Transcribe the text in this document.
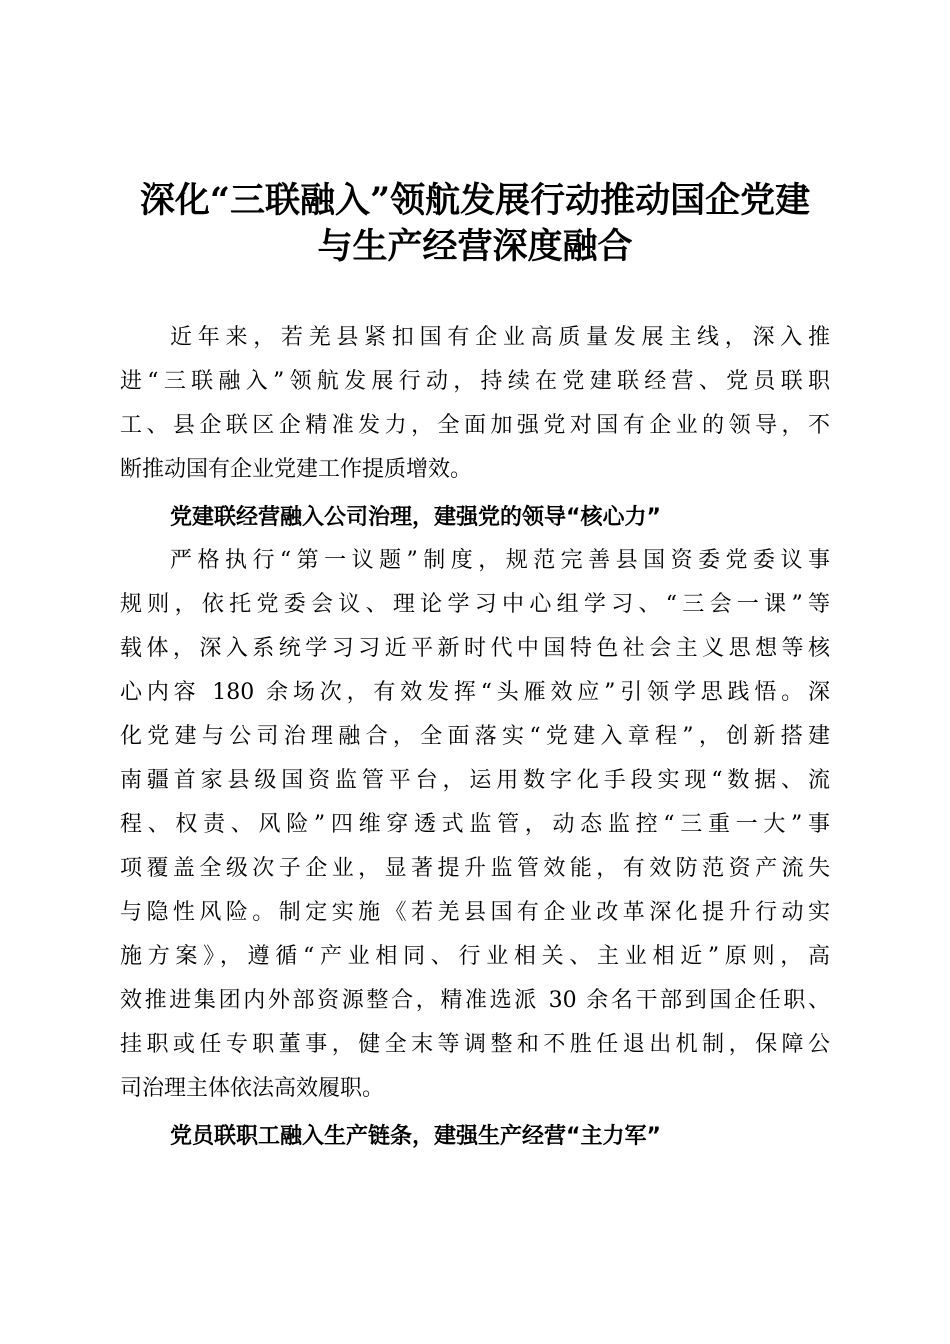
深化“三联融入”领航发展行动推动国企党建
与生产经营深度融合
近年来，若羌县紧扣国有企业高质量发展主线，深入推
进“三联融入”领航发展行动，持续在党建联经营、党员联职
工、县企联区企精准发力，全面加强党对国有企业的领导，不
断推动国有企业党建工作提质增效。
党建联经营融入公司治理，建强党的领导“核心力”
严格执行“第一议题”制度，规范完善县国资委党委议事
规则，依托党委会议、理论学习中心组学习、“三会一课”等
载体，深入系统学习习近平新时代中国特色社会主义思想等核
心内容 180 余场次，有效发挥“头雁效应”引领学思践悟。深
化党建与公司治理融合，全面落实“党建入章程”，创新搭建
南疆首家县级国资监管平台，运用数字化手段实现“数据、流
程、权责、风险”四维穿透式监管，动态监控“三重一大”事
项覆盖全级次子企业，显著提升监管效能，有效防范资产流失
与隐性风险。制定实施《若羌县国有企业改革深化提升行动实
施方案》，遵循“产业相同、行业相关、主业相近”原则，高
效推进集团内外部资源整合，精准选派 30 余名干部到国企任职、
挂职或任专职董事，健全末等调整和不胜任退出机制，保障公
司治理主体依法高效履职。
党员联职工融入生产链条，建强生产经营“主力军”
